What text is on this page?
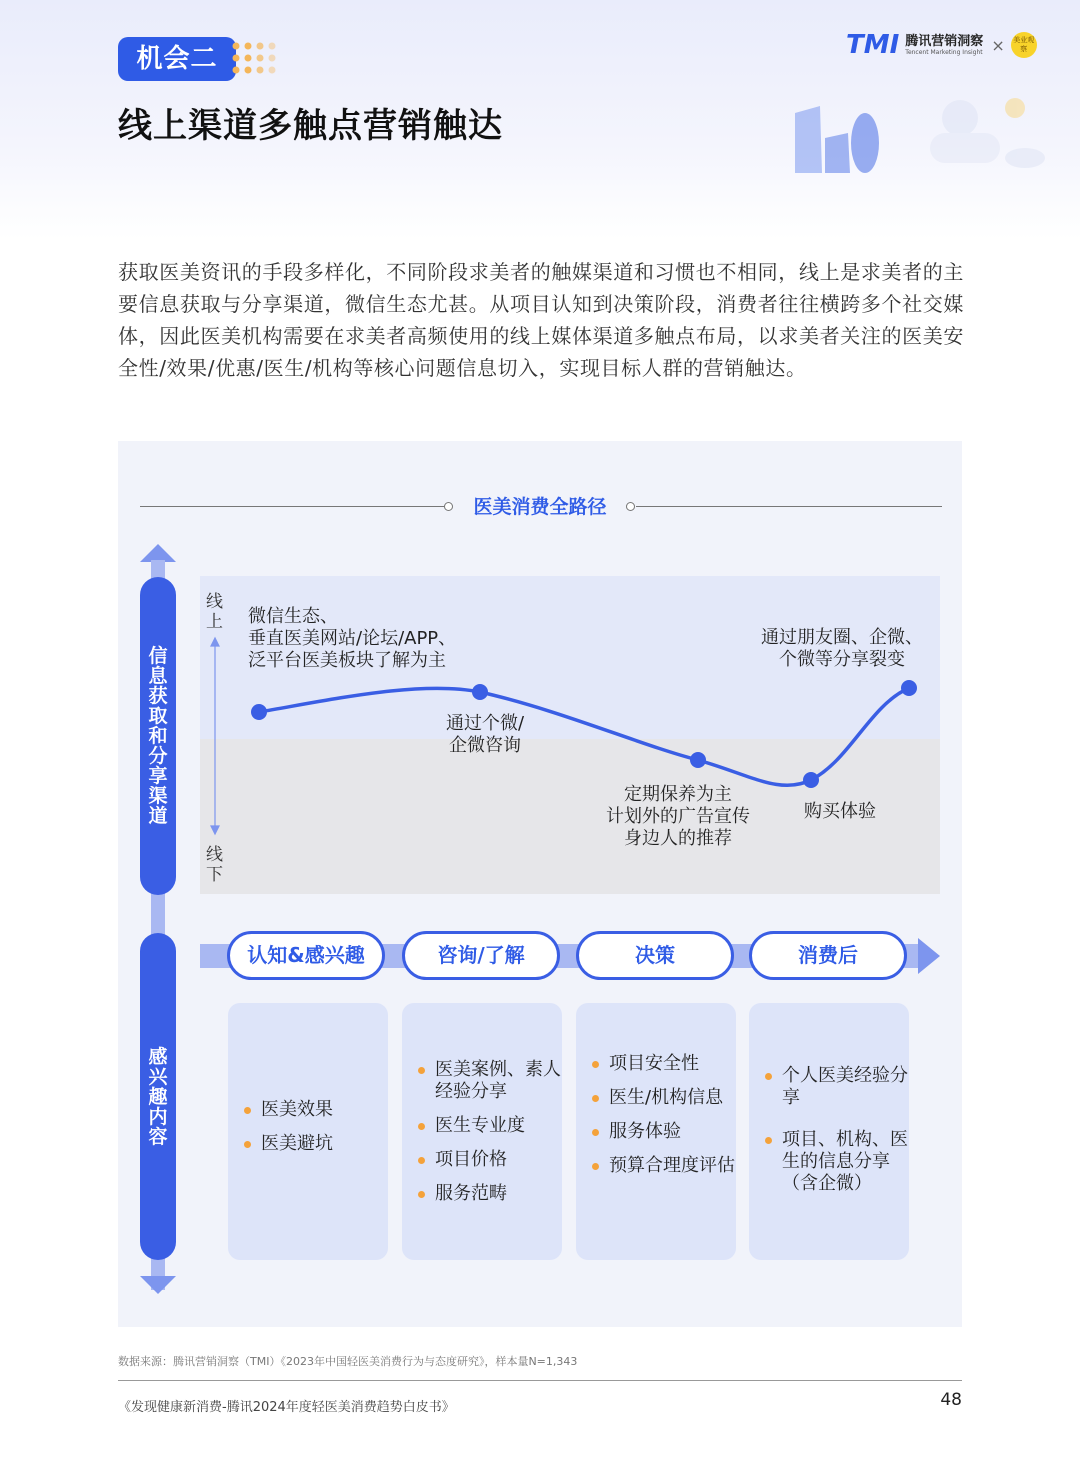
机会二
线上渠道多触点营销触达
TMI 腾讯营销洞察
Tencent Marketing Insight ×	美业观察
获取医美资讯的手段多样化，不同阶段求美者的触媒渠道和习惯也不相同，线上是求美者的主要信息获取与分享渠道，微信生态尤甚。从项目认知到决策阶段，消费者往往横跨多个社交媒体，因此医美机构需要在求美者高频使用的线上媒体渠道多触点布局，以求美者关注的医美安全性/效果/优惠/医生/机构等核心问题信息切入，实现目标人群的营销触达。
医美消费全路径
信息获取和分享渠道
感兴趣内容
线上
线下
微信生态、
垂直医美网站/论坛/APP、
泛平台医美板块了解为主
通过个微/
企微咨询
定期保养为主
计划外的广告宣传
身边人的推荐
购买体验
通过朋友圈、企微、
个微等分享裂变
认知&感兴趣	咨询/了解	决策	消费后
医美效果
医美避坑
医美案例、素人经验分享
医生专业度
项目价格
服务范畴
项目安全性
医生/机构信息
服务体验
预算合理度评估
个人医美经验分享
项目、机构、医生的信息分享（含企微）
数据来源：腾讯营销洞察（TMI）《2023年中国轻医美消费行为与态度研究》，样本量N=1,343
《发现健康新消费-腾讯2024年度轻医美消费趋势白皮书》	48
